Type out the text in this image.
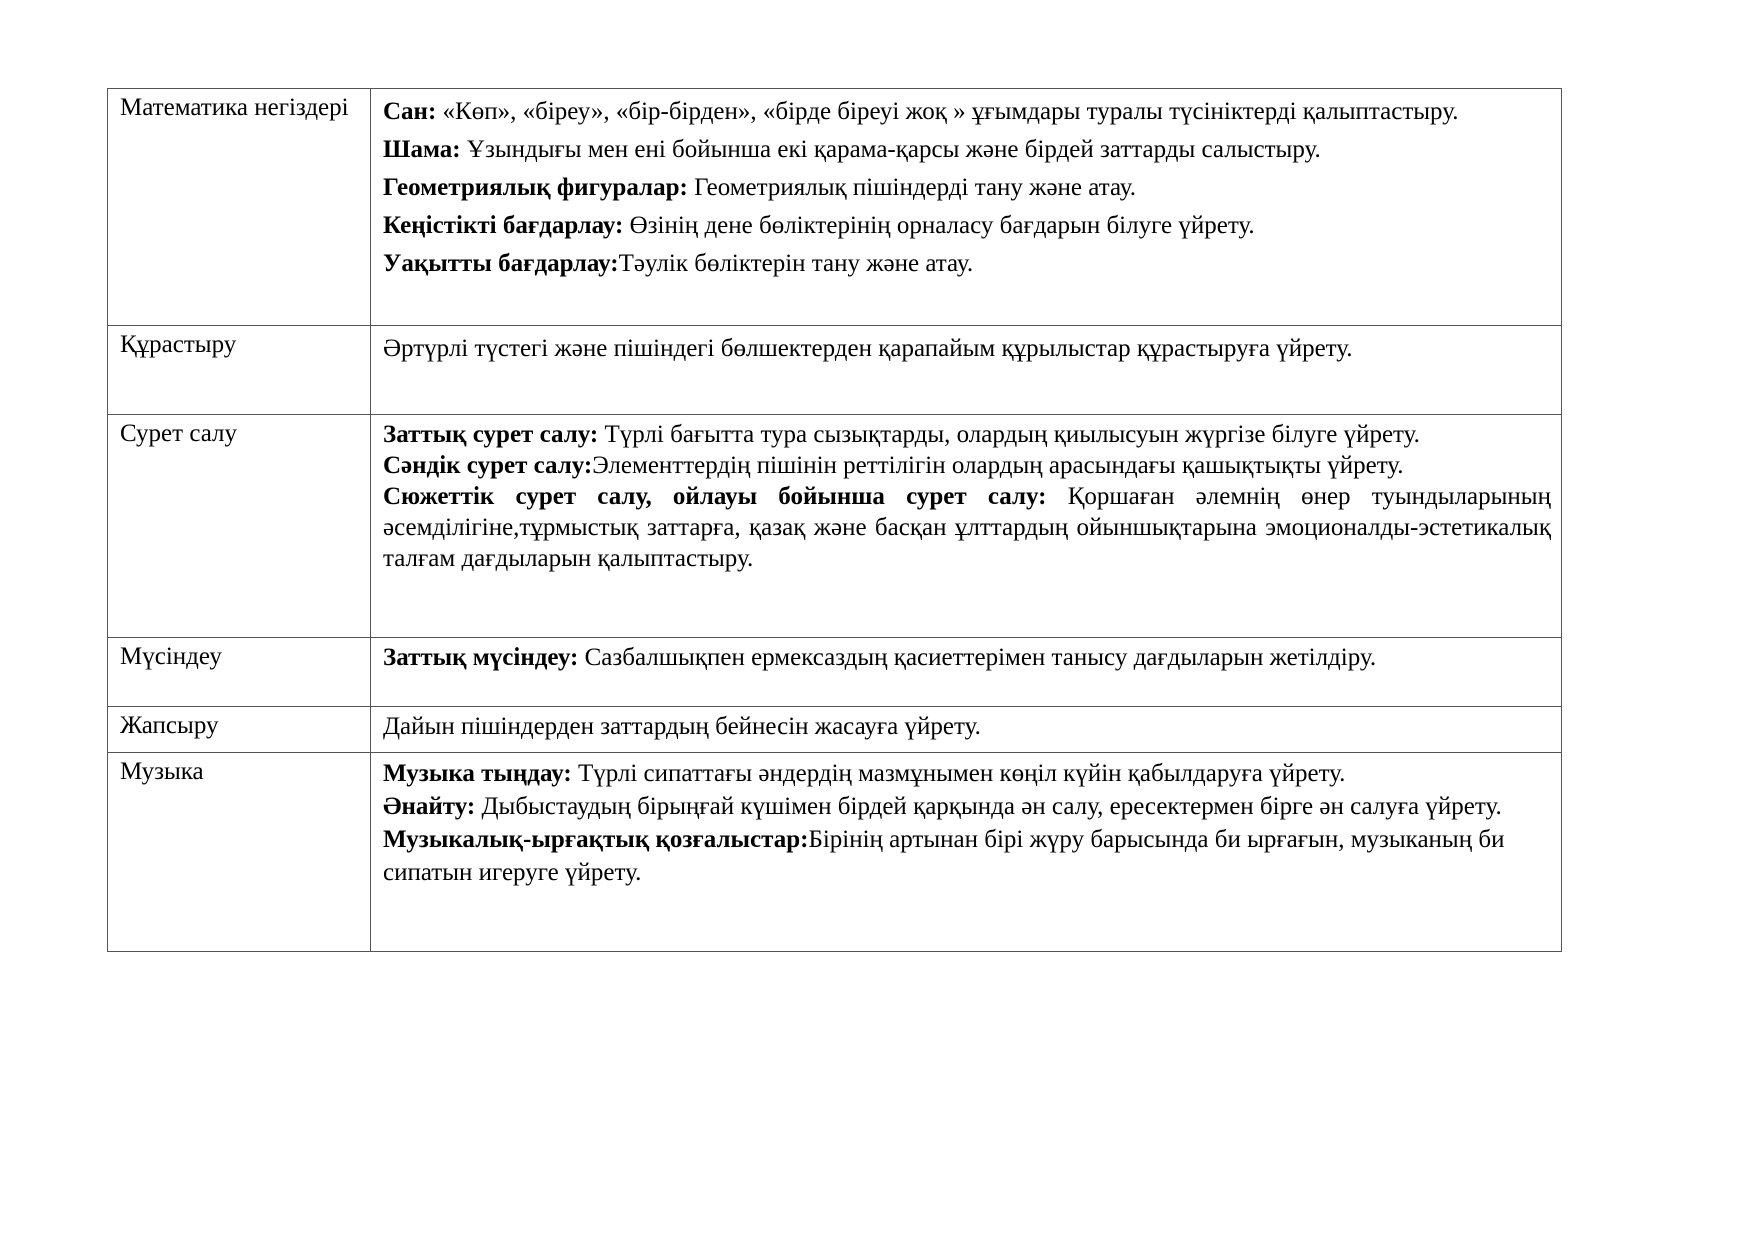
Математика негіздері	Сан: «Көп», «біреу», «бір-бірден», «бірде біреуі жоқ » ұғымдары туралы түсініктерді қалыптастыру.

Шама: Ұзындығы мен ені бойынша екі қарама-қарсы және бірдей заттарды салыстыру.

Геометриялық фигуралар: Геометриялық пішіндерді тану және атау.

Кеңістікті бағдарлау: Өзінің дене бөліктерінің орналасу бағдарын білуге үйрету.

Уақытты бағдарлау:Тәулік бөліктерін тану және атау.

Құрастыру	Әртүрлі түстегі және пішіндегі бөлшектерден қарапайым құрылыстар құрастыруға үйрету.

Сурет салу	Заттық сурет салу: Түрлі бағытта тура сызықтарды, олардың қиылысуын жүргізе білуге үйрету.

Сәндік сурет салу:Элементтердің пішінін реттілігін олардың арасындағы қашықтықты үйрету.

Сюжеттік сурет салу, ойлауы бойынша сурет салу: Қоршаған әлемнің өнер туындыларының әсемділігіне,тұрмыстық заттарға, қазақ және басқан ұлттардың ойыншықтарына эмоционалды-эстетикалық талғам дағдыларын қалыптастыру.

Мүсіндеу	Заттық мүсіндеу: Сазбалшықпен ермексаздың қасиеттерімен танысу дағдыларын жетілдіру.

Жапсыру	Дайын пішіндерден заттардың бейнесін жасауға үйрету.

Музыка	Музыка тыңдау: Түрлі сипаттағы әндердің мазмұнымен көңіл күйін қабылдаруға үйрету.

Әнайту: Дыбыстаудың бірыңғай күшімен бірдей қарқында ән салу, ересектермен бірге ән салуға үйрету.

Музыкалық-ырғақтық қозғалыстар:Бірінің артынан бірі жүру барысында би ырғағын, музыканың би сипатын игеруге үйрету.
